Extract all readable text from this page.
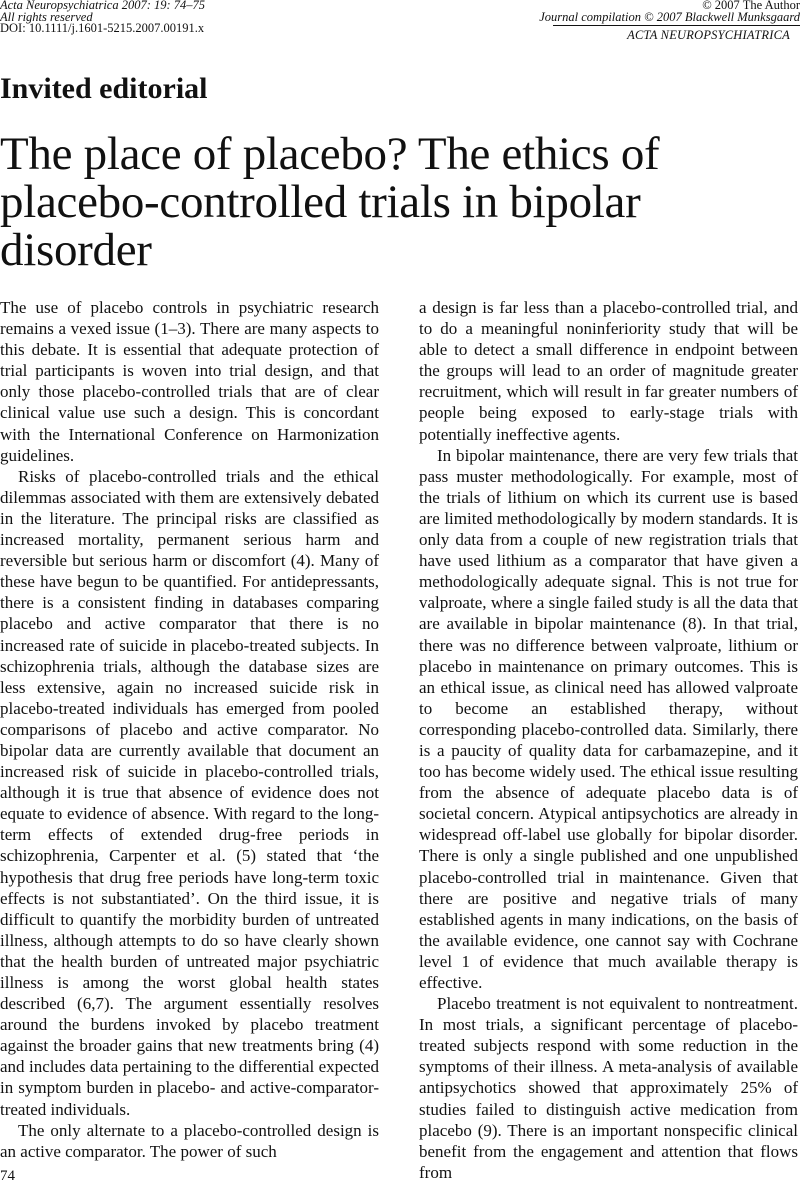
Acta Neuropsychiatrica 2007: 19: 74–75
All rights reserved
DOI: 10.1111/j.1601-5215.2007.00191.x
© 2007 The Author
Journal compilation © 2007 Blackwell Munksgaard
ACTA NEUROPSYCHIATRICA
Invited editorial
The place of placebo? The ethics of placebo-controlled trials in bipolar disorder

The use of placebo controls in psychiatric research remains a vexed issue (1–3). There are many aspects to this debate. It is essential that adequate protection of trial participants is woven into trial design, and that only those placebo-controlled trials that are of clear clinical value use such a design. This is concordant with the International Conference on Harmonization guidelines.

Risks of placebo-controlled trials and the ethical dilemmas associated with them are extensively debated in the literature. The principal risks are classified as increased mortality, permanent serious harm and reversible but serious harm or discomfort (4). Many of these have begun to be quantified. For antidepressants, there is a consistent finding in databases comparing placebo and active comparator that there is no increased rate of suicide in placebo-treated subjects. In schizophrenia trials, although the database sizes are less extensive, again no increased suicide risk in placebo-treated individuals has emerged from pooled comparisons of placebo and active comparator. No bipolar data are currently available that document an increased risk of suicide in placebo-controlled trials, although it is true that absence of evidence does not equate to evidence of absence. With regard to the long-term effects of extended drug-free periods in schizophrenia, Carpenter et al. (5) stated that ‘the hypothesis that drug free periods have long-term toxic effects is not substantiated’. On the third issue, it is difficult to quantify the morbidity burden of untreated illness, although attempts to do so have clearly shown that the health burden of untreated major psychiatric illness is among the worst global health states described (6,7). The argument essentially resolves around the burdens invoked by placebo treatment against the broader gains that new treatments bring (4) and includes data pertaining to the differential expected in symptom burden in placebo- and active-comparator-treated individuals.

The only alternate to a placebo-controlled design is an active comparator. The power of such

a design is far less than a placebo-controlled trial, and to do a meaningful noninferiority study that will be able to detect a small difference in endpoint between the groups will lead to an order of magnitude greater recruitment, which will result in far greater numbers of people being exposed to early-stage trials with potentially ineffective agents.

In bipolar maintenance, there are very few trials that pass muster methodologically. For example, most of the trials of lithium on which its current use is based are limited methodologically by modern standards. It is only data from a couple of new registration trials that have used lithium as a comparator that have given a methodologically adequate signal. This is not true for valproate, where a single failed study is all the data that are available in bipolar maintenance (8). In that trial, there was no difference between valproate, lithium or placebo in maintenance on primary outcomes. This is an ethical issue, as clinical need has allowed valproate to become an established therapy, without corresponding placebo-controlled data. Similarly, there is a paucity of quality data for carbamazepine, and it too has become widely used. The ethical issue resulting from the absence of adequate placebo data is of societal concern. Atypical antipsychotics are already in widespread off-label use globally for bipolar disorder. There is only a single published and one unpublished placebo-controlled trial in maintenance. Given that there are positive and negative trials of many established agents in many indications, on the basis of the available evidence, one cannot say with Cochrane level 1 of evidence that much available therapy is effective.

Placebo treatment is not equivalent to nontreatment. In most trials, a significant percentage of placebo-treated subjects respond with some reduction in the symptoms of their illness. A meta-analysis of available antipsychotics showed that approximately 25% of studies failed to distinguish active medication from placebo (9). There is an important nonspecific clinical benefit from the engagement and attention that flows from

74
